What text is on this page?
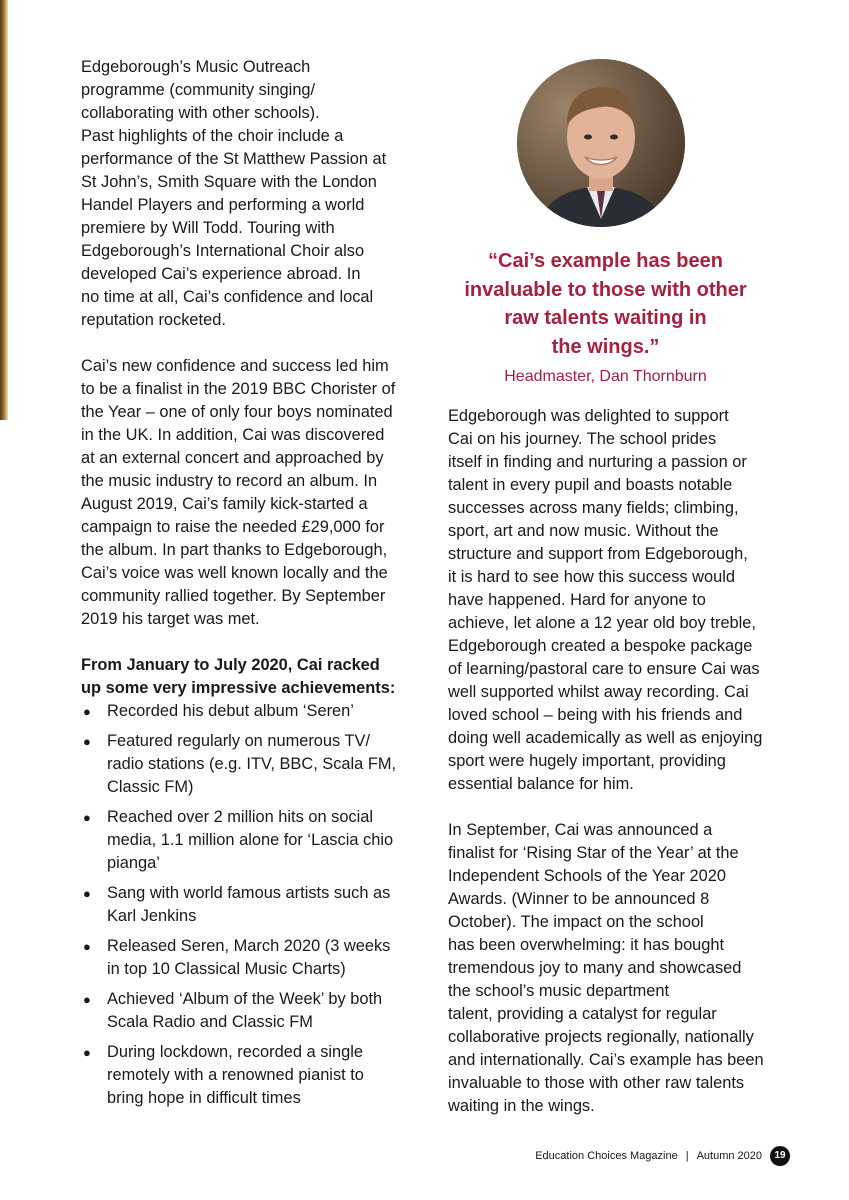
Edgeborough’s Music Outreach
programme (community singing/
collaborating with other schools).
Past highlights of the choir include a
performance of the St Matthew Passion at
St John’s, Smith Square with the London
Handel Players and performing a world
premiere by Will Todd. Touring with
Edgeborough’s International Choir also
developed Cai’s experience abroad. In
no time at all, Cai’s confidence and local
reputation rocketed.

Cai’s new confidence and success led him
to be a finalist in the 2019 BBC Chorister of
the Year – one of only four boys nominated
in the UK. In addition, Cai was discovered
at an external concert and approached by
the music industry to record an album. In
August 2019, Cai’s family kick-started a
campaign to raise the needed £29,000 for
the album. In part thanks to Edgeborough,
Cai’s voice was well known locally and the
community rallied together. By September
2019 his target was met.

From January to July 2020, Cai racked
up some very impressive achievements:

● Recorded his debut album ‘Seren’
● Featured regularly on numerous TV/
radio stations (e.g. ITV, BBC, Scala FM,
Classic FM)
● Reached over 2 million hits on social
media, 1.1 million alone for ‘Lascia chio
pianga’
● Sang with world famous artists such as
Karl Jenkins
● Released Seren, March 2020 (3 weeks
in top 10 Classical Music Charts)
● Achieved ‘Album of the Week’ by both
Scala Radio and Classic FM
● During lockdown, recorded a single
remotely with a renowned pianist to
bring hope in difficult times
“Cai’s example has been
invaluable to those with other
raw talents waiting in
the wings.”
Headmaster, Dan Thornburn

Edgeborough was delighted to support
Cai on his journey. The school prides
itself in finding and nurturing a passion or
talent in every pupil and boasts notable
successes across many fields; climbing,
sport, art and now music. Without the
structure and support from Edgeborough,
it is hard to see how this success would
have happened. Hard for anyone to
achieve, let alone a 12 year old boy treble,
Edgeborough created a bespoke package
of learning/pastoral care to ensure Cai was
well supported whilst away recording. Cai
loved school – being with his friends and
doing well academically as well as enjoying
sport were hugely important, providing
essential balance for him.

In September, Cai was announced a
finalist for ‘Rising Star of the Year’ at the
Independent Schools of the Year 2020
Awards. (Winner to be announced 8
October). The impact on the school
has been overwhelming: it has bought
tremendous joy to many and showcased
the school’s music department
talent, providing a catalyst for regular
collaborative projects regionally, nationally
and internationally. Cai’s example has been
invaluable to those with other raw talents
waiting in the wings.

Education Choices Magazine | Autumn 2020	19
